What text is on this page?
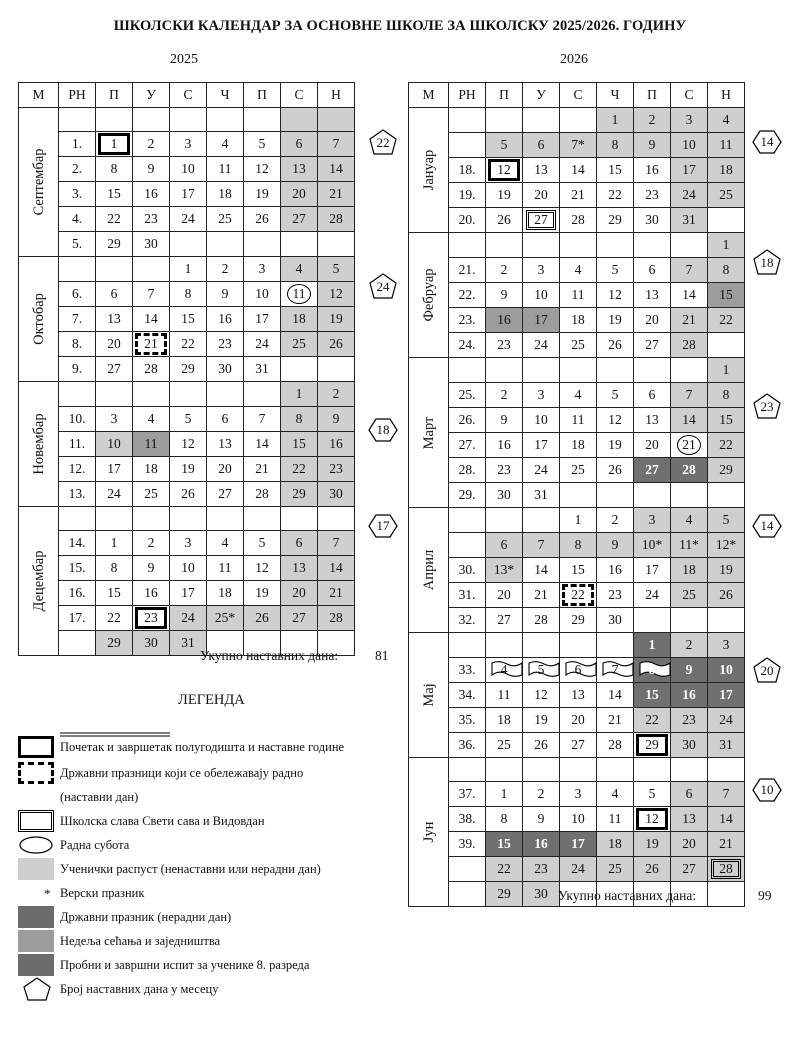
ШКОЛСКИ КАЛЕНДАР ЗА ОСНОВНЕ ШКОЛЕ ЗА ШКОЛСКУ 2025/2026. ГОДИНУ
2025	2026
М	РН	П	У	С	Ч	П	С	Н

Септембар								

	1.	1	2	3	4	5	6	7
	2.	8	9	10	11	12	13	14
	3.	15	16	17	18	19	20	21
	4.	22	23	24	25	26	27	28
	5.	29	30					

Октобар				1	2	3	4	5
	6.	6	7	8	9	10	11	12
	7.	13	14	15	16	17	18	19
	8.	20	21	22	23	24	25	26
	9.	27	28	29	30	31		

Новембар							1	2
	10.	3	4	5	6	7	8	9
	11.	10	11	12	13	14	15	16
	12.	17	18	19	20	21	22	23
	13.	24	25	26	27	28	29	30

Децембар								

	14.	1	2	3	4	5	6	7
	15.	8	9	10	11	12	13	14
	16.	15	16	17	18	19	20	21
	17.	22	23	24	25*	26	27	28
		29	30	31				
М	РН	П	У	С	Ч	П	С	Н

Јануар					1	2	3	4
		5	6	7*	8	9	10	11
	18.	12	13	14	15	16	17	18
	19.	19	20	21	22	23	24	25
	20.	26	27	28	29	30	31	

Фебруар								1
	21.	2	3	4	5	6	7	8
	22.	9	10	11	12	13	14	15
	23.	16	17	18	19	20	21	22
	24.	23	24	25	26	27	28	

Март								1
	25.	2	3	4	5	6	7	8
	26.	9	10	11	12	13	14	15
	27.	16	17	18	19	20	21	22
	28.	23	24	25	26	27	28	29
	29.	30	31					

Април				1	2	3	4	5
		6	7	8	9	10*	11*	12*
	30.	13*	14	15	16	17	18	19
	31.	20	21	22	23	24	25	26
	32.	27	28	29	30			

Мај						1	2	3
	33.	4	5	6	7	8	9	10
	34.	11	12	13	14	15	16	17
	35.	18	19	20	21	22	23	24
	36.	25	26	27	28	29	30	31

Јун								

	37.	1	2	3	4	5	6	7
	38.	8	9	10	11	12	13	14
	39.	15	16	17	18	19	20	21
		22	23	24	25	26	27	28
		29	30					
22
24
18
17
14
18
23
14
20
10
Укупно наставних дана:	81
Укупно наставних дана:	99
ЛЕГЕНДА
Почетак и завршетак полугодишта и наставне године
Државни празници који се обележавају радно
(наставни дан)
Школска слава Свети сава и Видовдан
Радна субота
Ученички распуст (ненаставни или нерадни дан)
* Верски празник
Државни празник (нерадни дан)
Недеља сећања и заједништва
Пробни и завршни испит за ученике 8. разреда
Број наставних дана у месецу
